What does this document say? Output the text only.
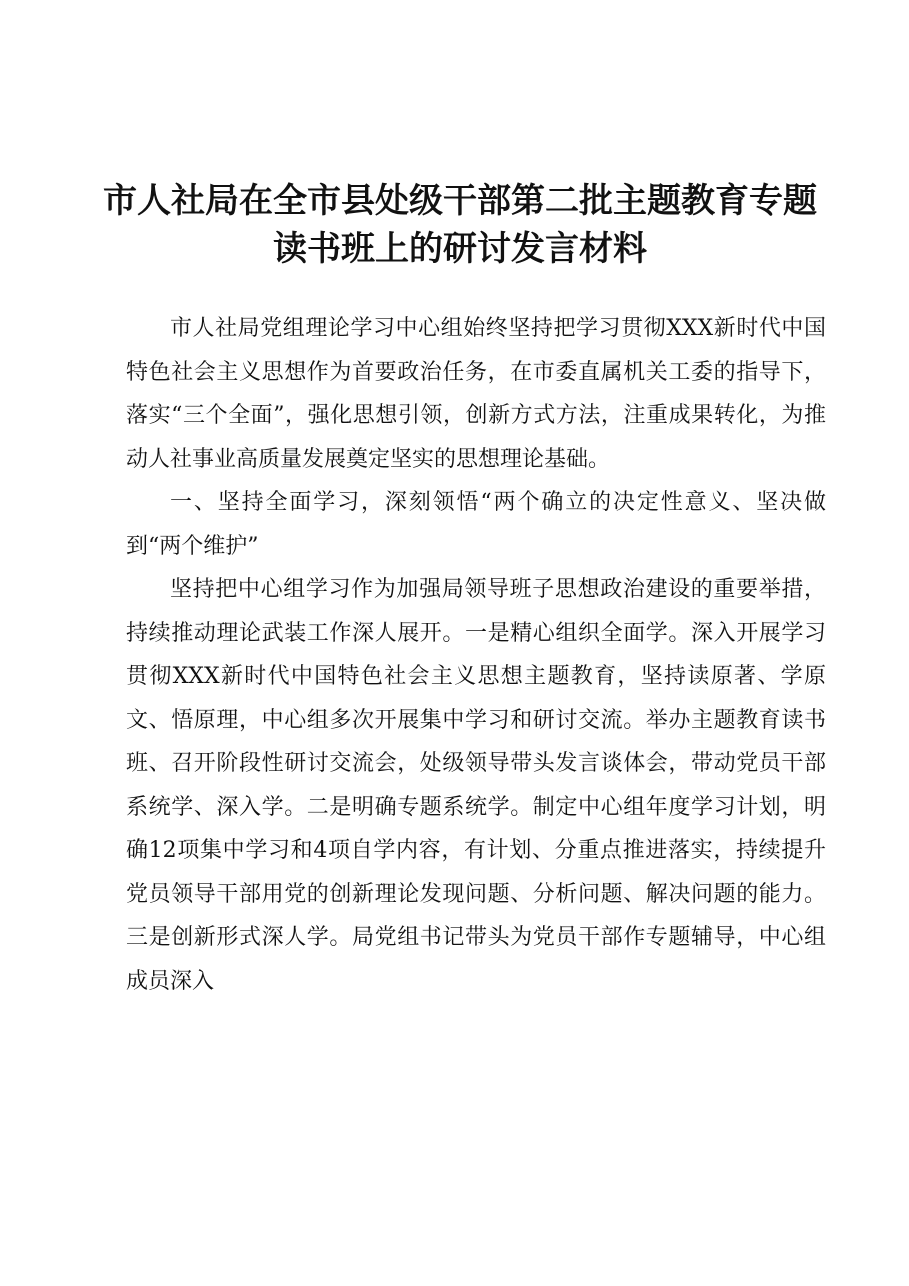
市人社局在全市县处级干部第二批主题教育专题
读书班上的研讨发言材料

市人社局党组理论学习中心组始终坚持把学习贯彻XXX新时代中国特色社会主义思想作为首要政治任务，在市委直属机关工委的指导下，落实“三个全面”，强化思想引领，创新方式方法，注重成果转化，为推动人社事业高质量发展奠定坚实的思想理论基础。

一、坚持全面学习，深刻领悟“两个确立的决定性意义、坚决做到“两个维护”

坚持把中心组学习作为加强局领导班子思想政治建设的重要举措，持续推动理论武装工作深人展开。一是精心组织全面学。深入开展学习贯彻XXX新时代中国特色社会主义思想主题教育，坚持读原著、学原文、悟原理，中心组多次开展集中学习和研讨交流。举办主题教育读书班、召开阶段性研讨交流会，处级领导带头发言谈体会，带动党员干部系统学、深入学。二是明确专题系统学。制定中心组年度学习计划，明确12项集中学习和4项自学内容，有计划、分重点推进落实，持续提升党员领导干部用党的创新理论发现问题、分析问题、解决问题的能力。三是创新形式深人学。局党组书记带头为党员干部作专题辅导，中心组成员深入
